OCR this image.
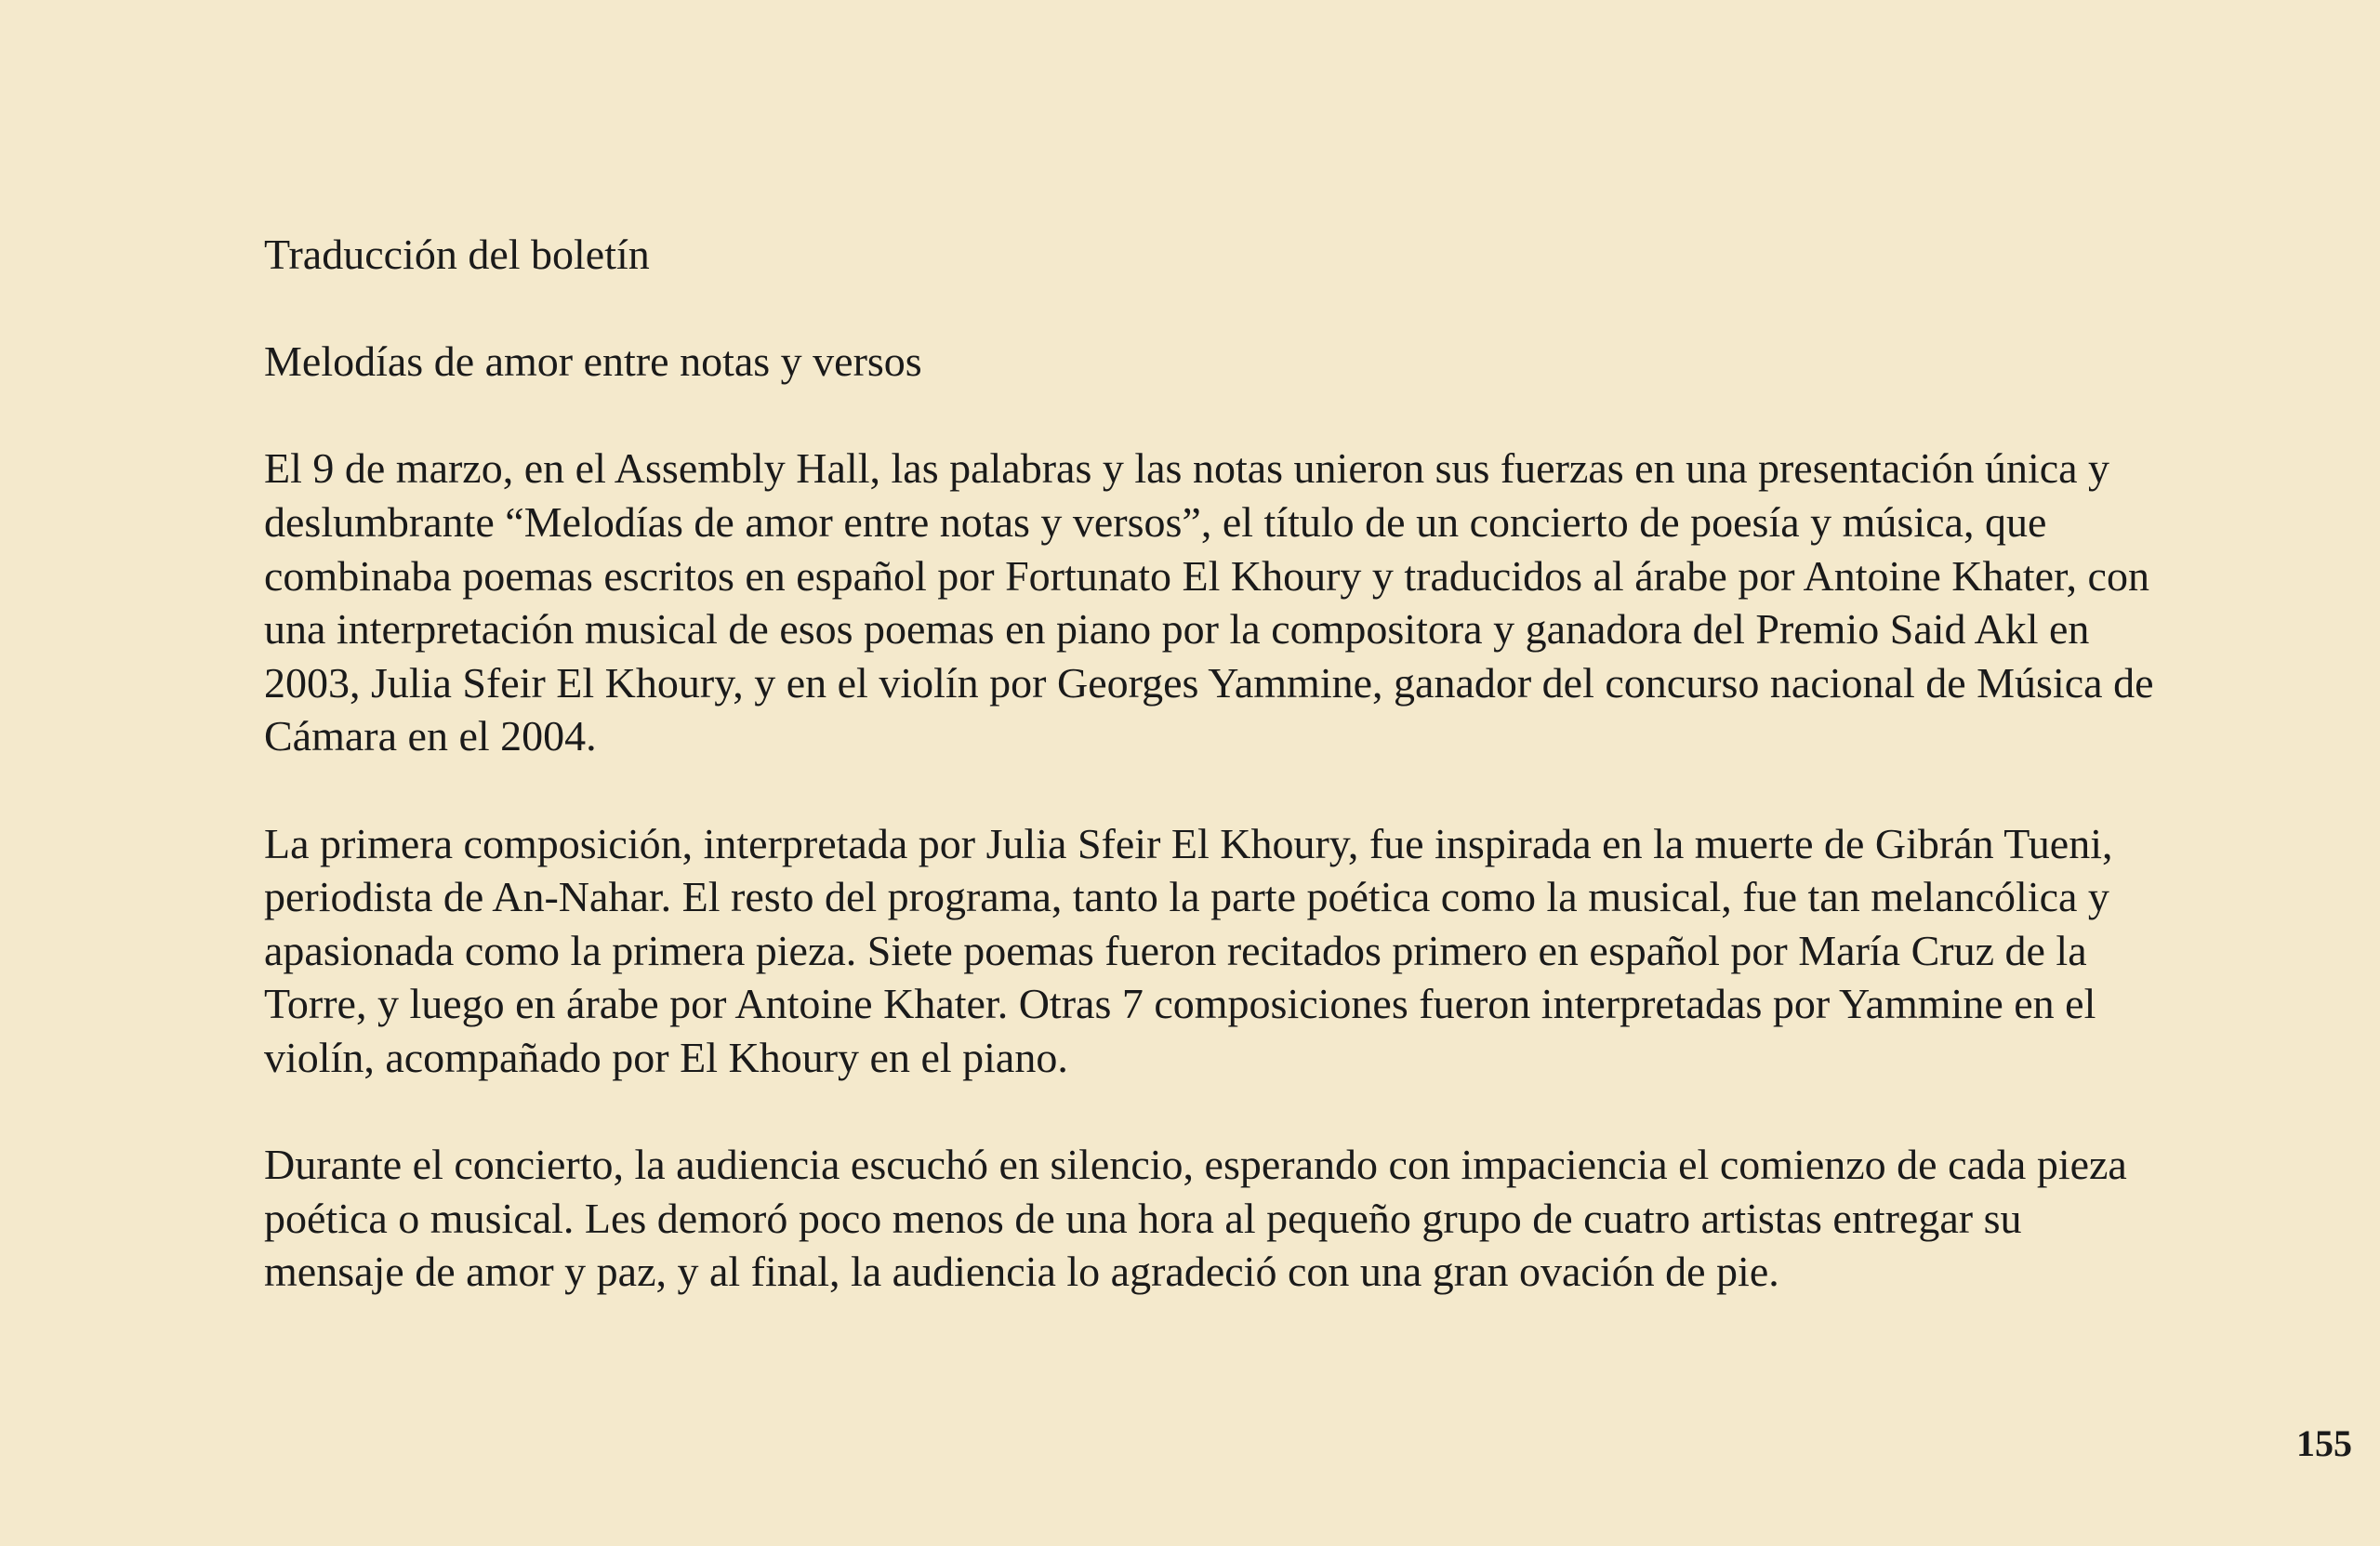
Traducción del boletín

Melodías de amor entre notas y versos

El 9 de marzo, en el Assembly Hall, las palabras y las notas unieron sus fuerzas en una presentación única y deslumbrante “Melodías de amor entre notas y versos”, el título de un concierto de poesía y música, que combinaba poemas escritos en español por Fortunato El Khoury y traducidos al árabe por Antoine Khater, con una interpretación musical de esos poemas en piano por la compositora y ganadora del Premio Said Akl en 2003, Julia Sfeir El Khoury, y en el violín por Georges Yammine, ganador del concurso nacional de Música de Cámara en el 2004.

La primera composición, interpretada por Julia Sfeir El Khoury, fue inspirada en la muerte de Gibrán Tueni, periodista de An-Nahar. El resto del programa, tanto la parte poética como la musical, fue tan melancólica y apasionada como la primera pieza. Siete poemas fueron recitados primero en español por María Cruz de la Torre, y luego en árabe por Antoine Khater. Otras 7 composiciones fueron interpretadas por Yammine en el violín, acompañado por El Khoury en el piano.

Durante el concierto, la audiencia escuchó en silencio, esperando con impaciencia el comienzo de cada pieza poética o musical. Les demoró poco menos de una hora al pequeño grupo de cuatro artistas entregar su mensaje de amor y paz, y al final, la audiencia lo agradeció con una gran ovación de pie.

155
